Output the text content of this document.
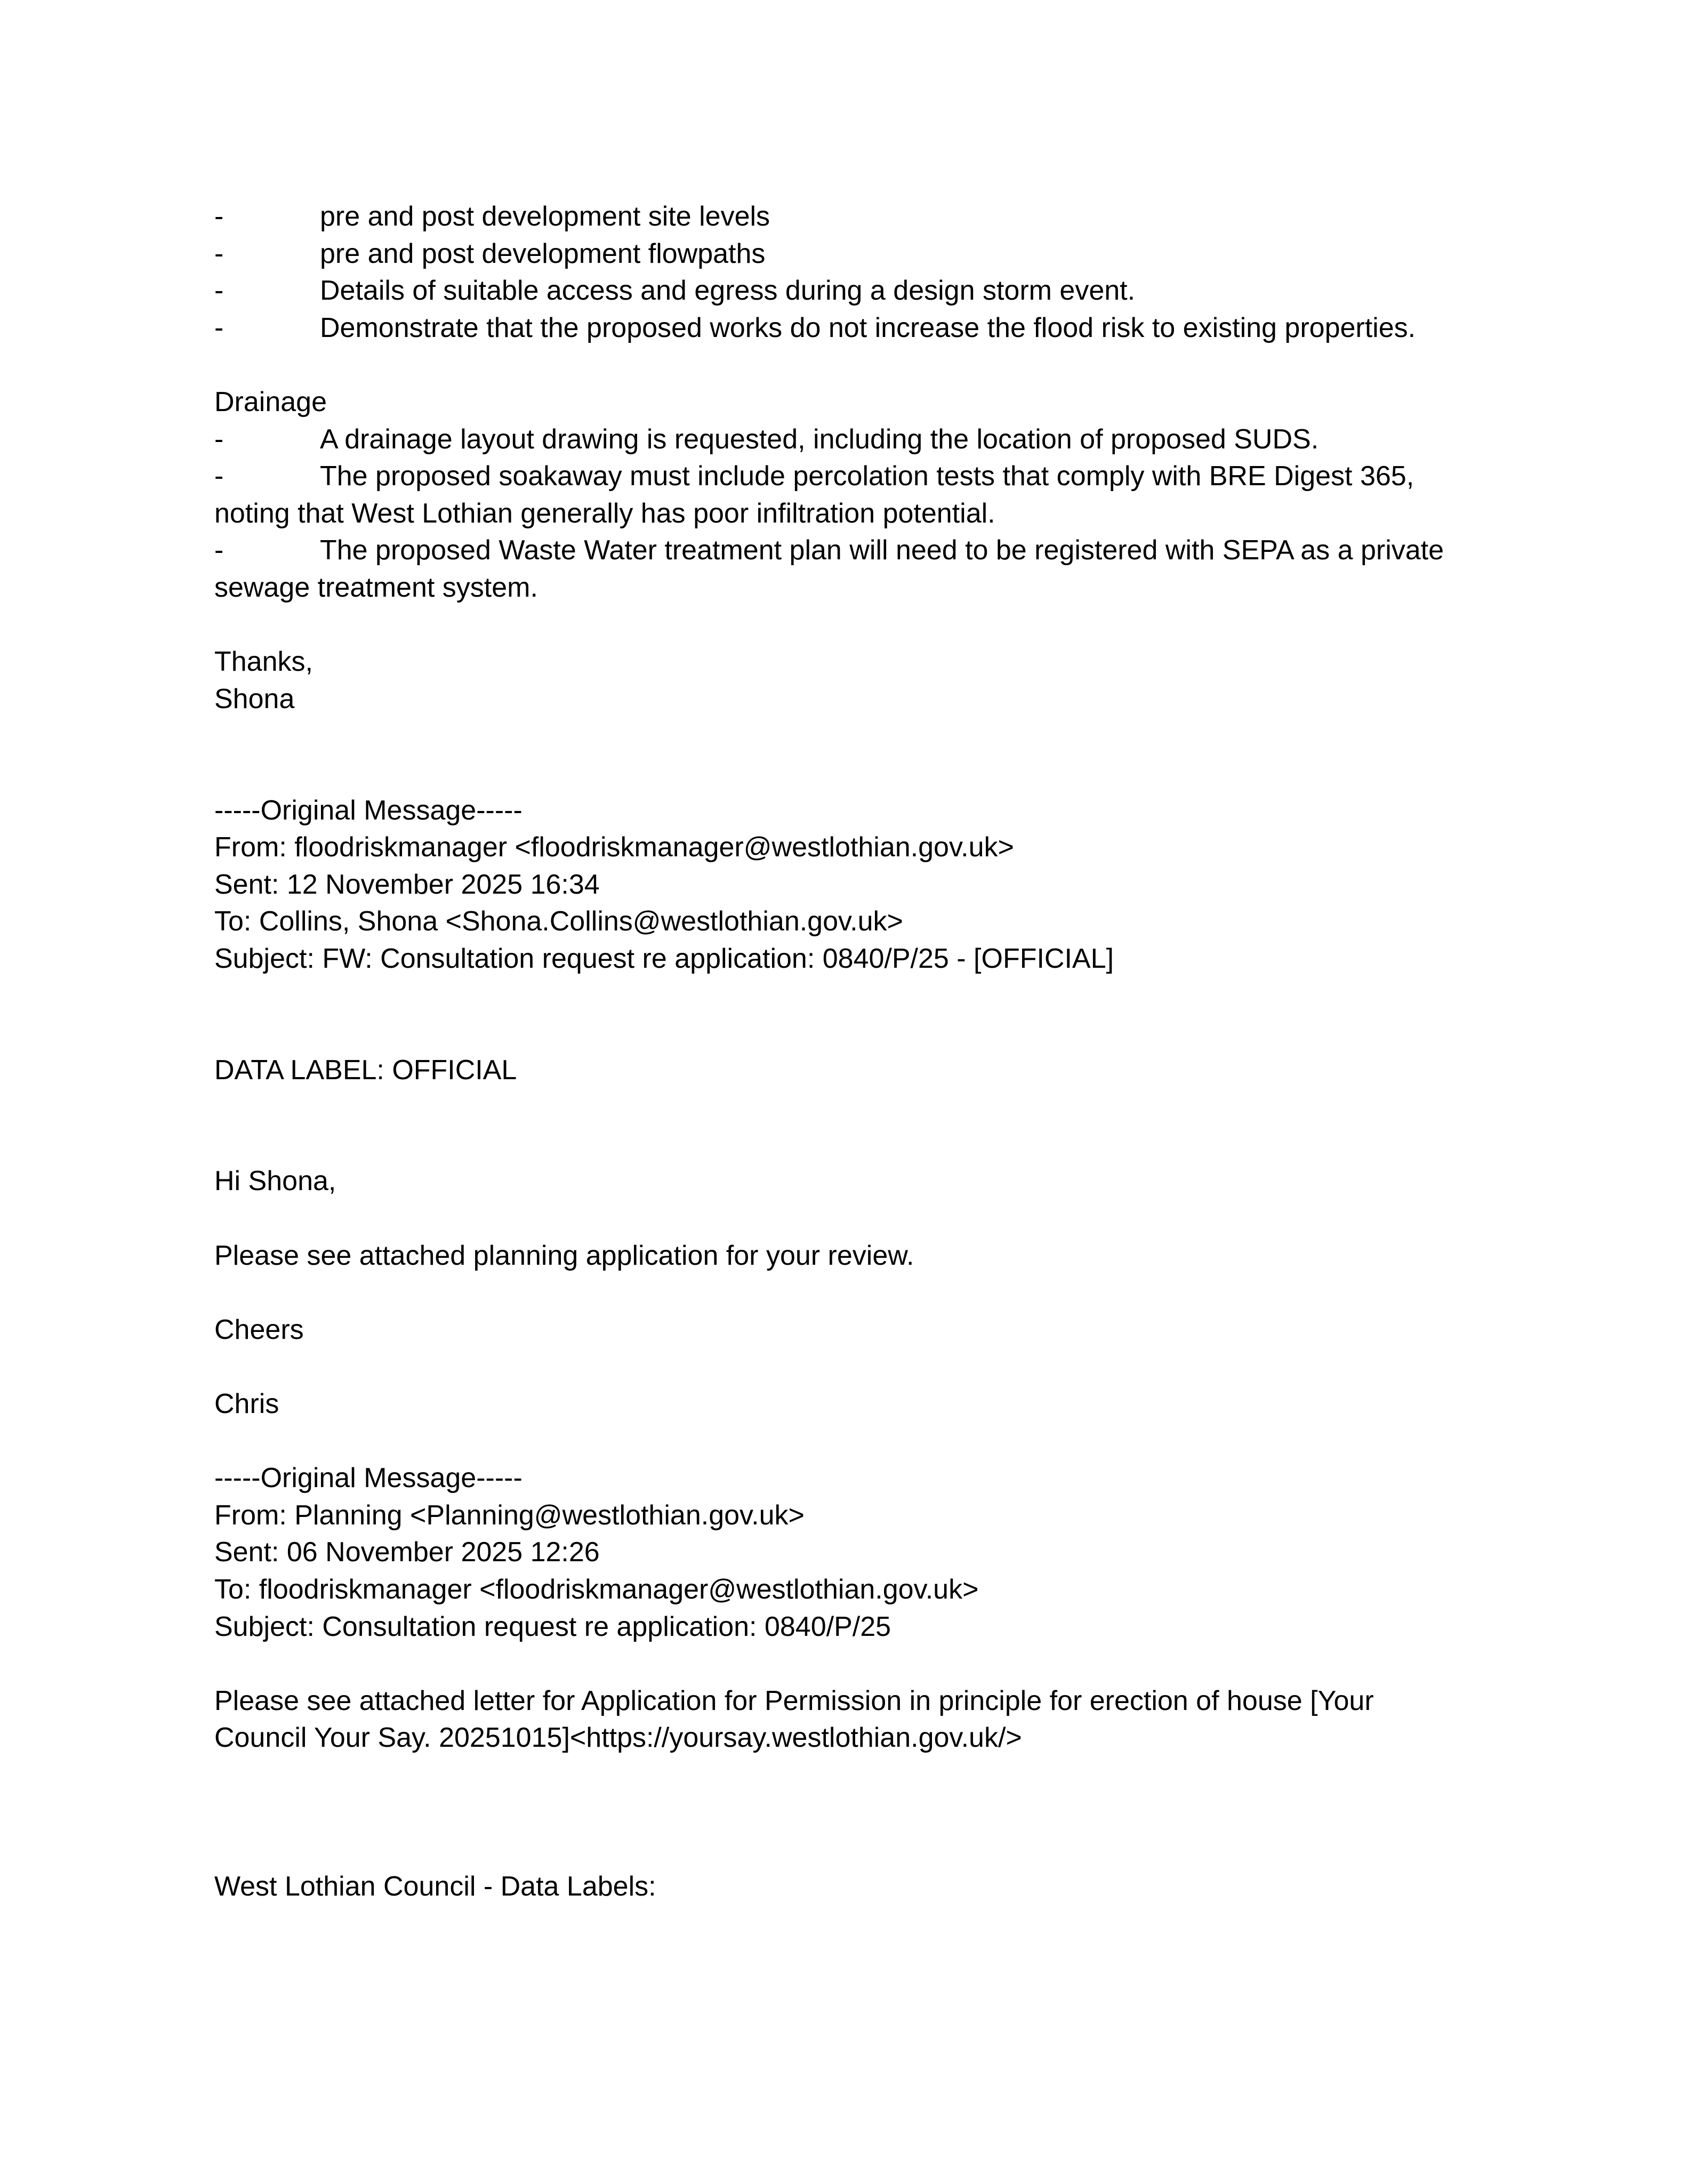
-	pre and post development site levels
-	pre and post development flowpaths
-	Details of suitable access and egress during a design storm event.
-	Demonstrate that the proposed works do not increase the flood risk to existing properties.
Drainage
-	A drainage layout drawing is requested, including the location of proposed SUDS.
-	The proposed soakaway must include percolation tests that comply with BRE Digest 365,
noting that West Lothian generally has poor infiltration potential.
-	The proposed Waste Water treatment plan will need to be registered with SEPA as a private
sewage treatment system.
Thanks,
Shona
-----Original Message-----
From: floodriskmanager <floodriskmanager@westlothian.gov.uk>
Sent: 12 November 2025 16:34
To: Collins, Shona <Shona.Collins@westlothian.gov.uk>
Subject: FW: Consultation request re application: 0840/P/25 - [OFFICIAL]
DATA LABEL: OFFICIAL
Hi Shona,
Please see attached planning application for your review.
Cheers
Chris
-----Original Message-----
From: Planning <Planning@westlothian.gov.uk>
Sent: 06 November 2025 12:26
To: floodriskmanager <floodriskmanager@westlothian.gov.uk>
Subject: Consultation request re application: 0840/P/25
Please see attached letter for Application for Permission in principle for erection of house [Your
Council Your Say. 20251015]<https://yoursay.westlothian.gov.uk/>
West Lothian Council - Data Labels:
